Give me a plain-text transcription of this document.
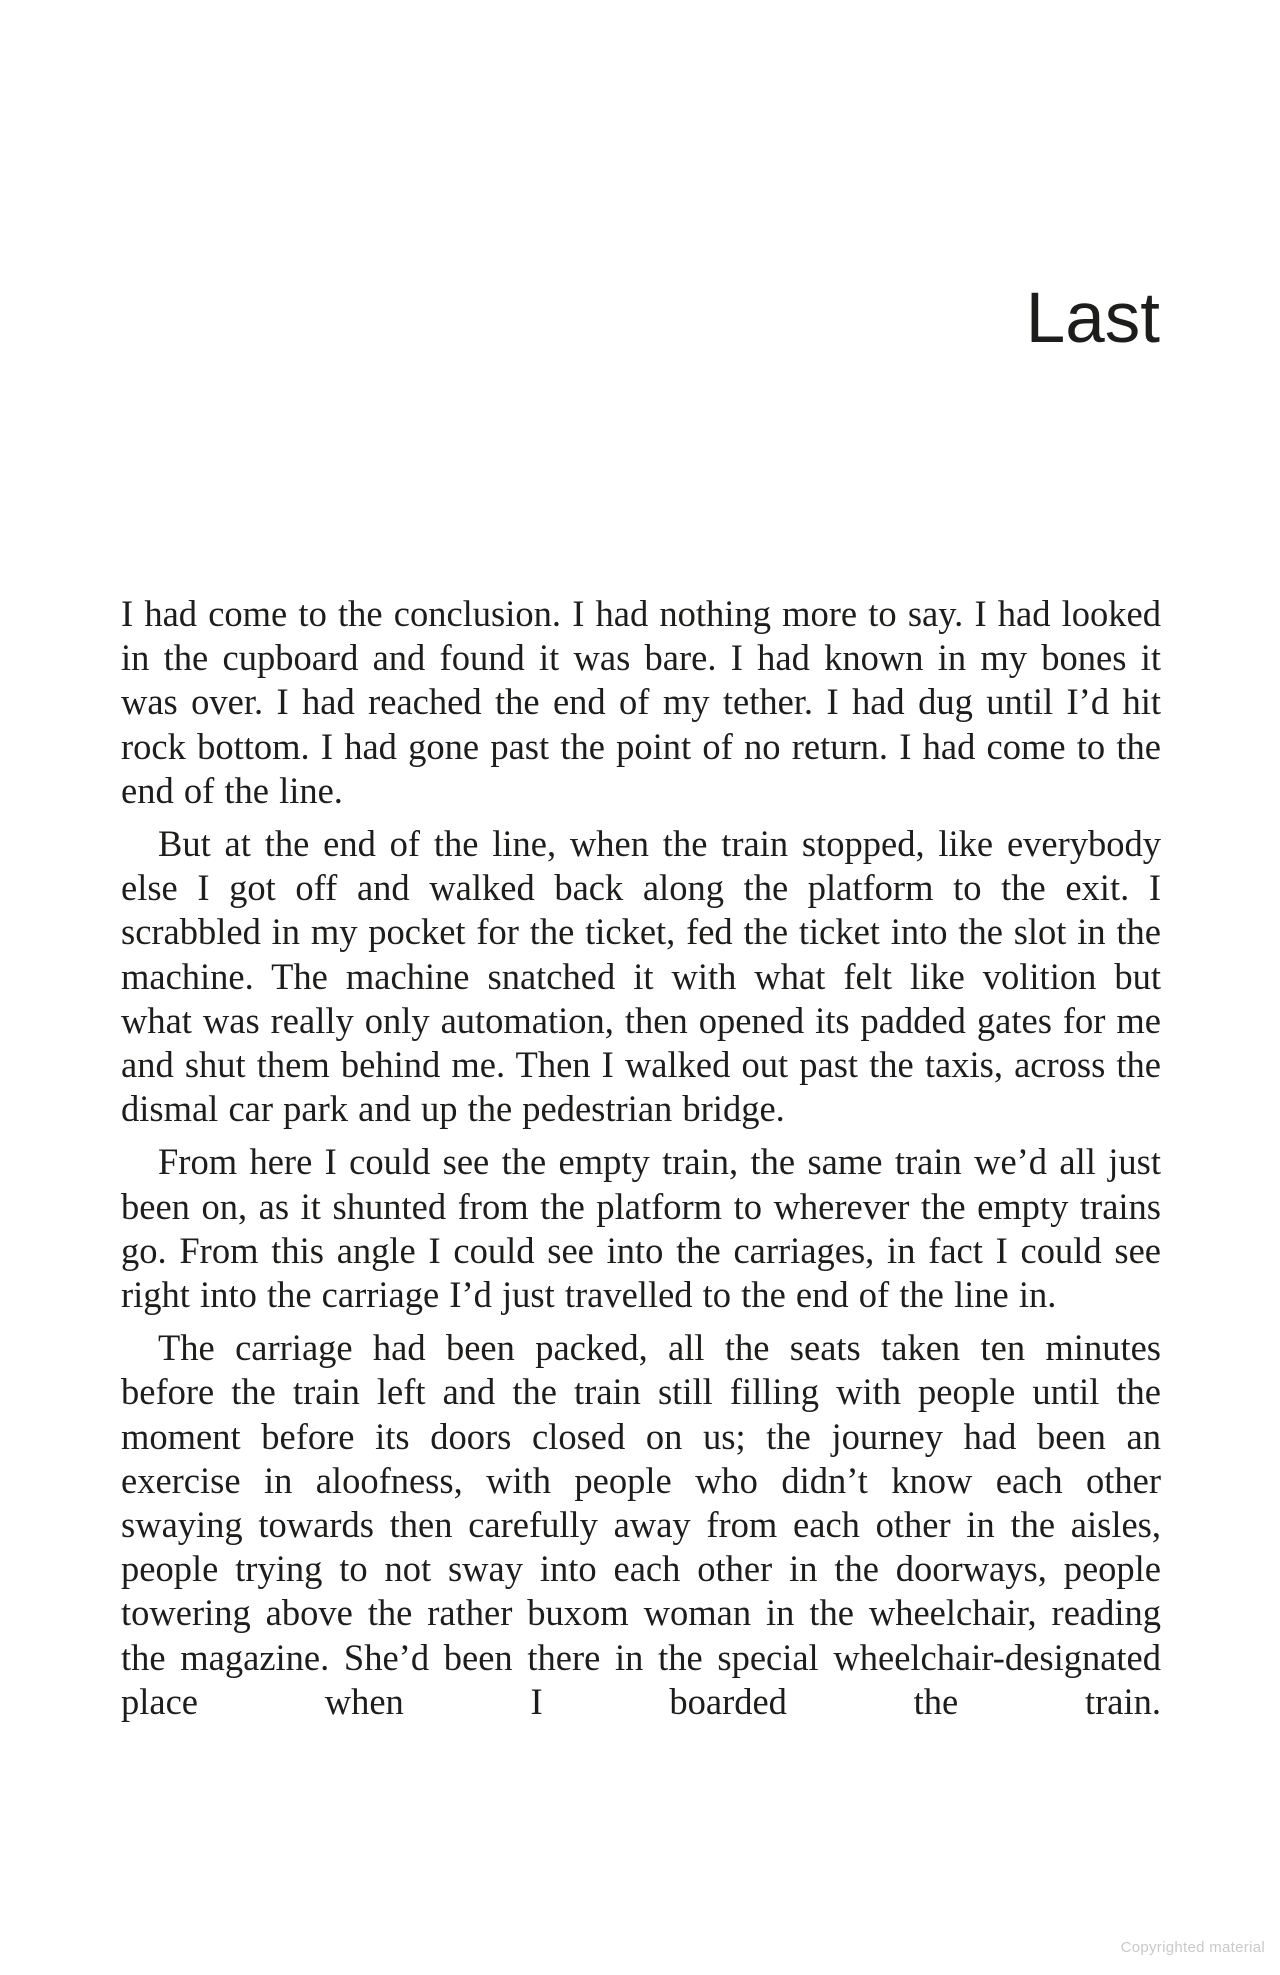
Last

I had come to the conclusion. I had nothing more to say. I had looked in the cupboard and found it was bare. I had known in my bones it was over. I had reached the end of my tether. I had dug until I’d hit rock bottom. I had gone past the point of no return. I had come to the end of the line.

But at the end of the line, when the train stopped, like everybody else I got off and walked back along the platform to the exit. I scrabbled in my pocket for the ticket, fed the ticket into the slot in the machine. The machine snatched it with what felt like volition but what was really only automation, then opened its padded gates for me and shut them behind me. Then I walked out past the taxis, across the dismal car park and up the pedestrian bridge.

From here I could see the empty train, the same train we’d all just been on, as it shunted from the platform to wherever the empty trains go. From this angle I could see into the carriages, in fact I could see right into the carriage I’d just travelled to the end of the line in.

The carriage had been packed, all the seats taken ten minutes before the train left and the train still filling with people until the moment before its doors closed on us; the journey had been an exercise in aloofness, with people who didn’t know each other swaying towards then carefully away from each other in the aisles, people trying to not sway into each other in the doorways, people towering above the rather buxom woman in the wheelchair, reading the magazine. She’d been there in the special wheelchair-designated place when I boarded the train.

Copyrighted material
